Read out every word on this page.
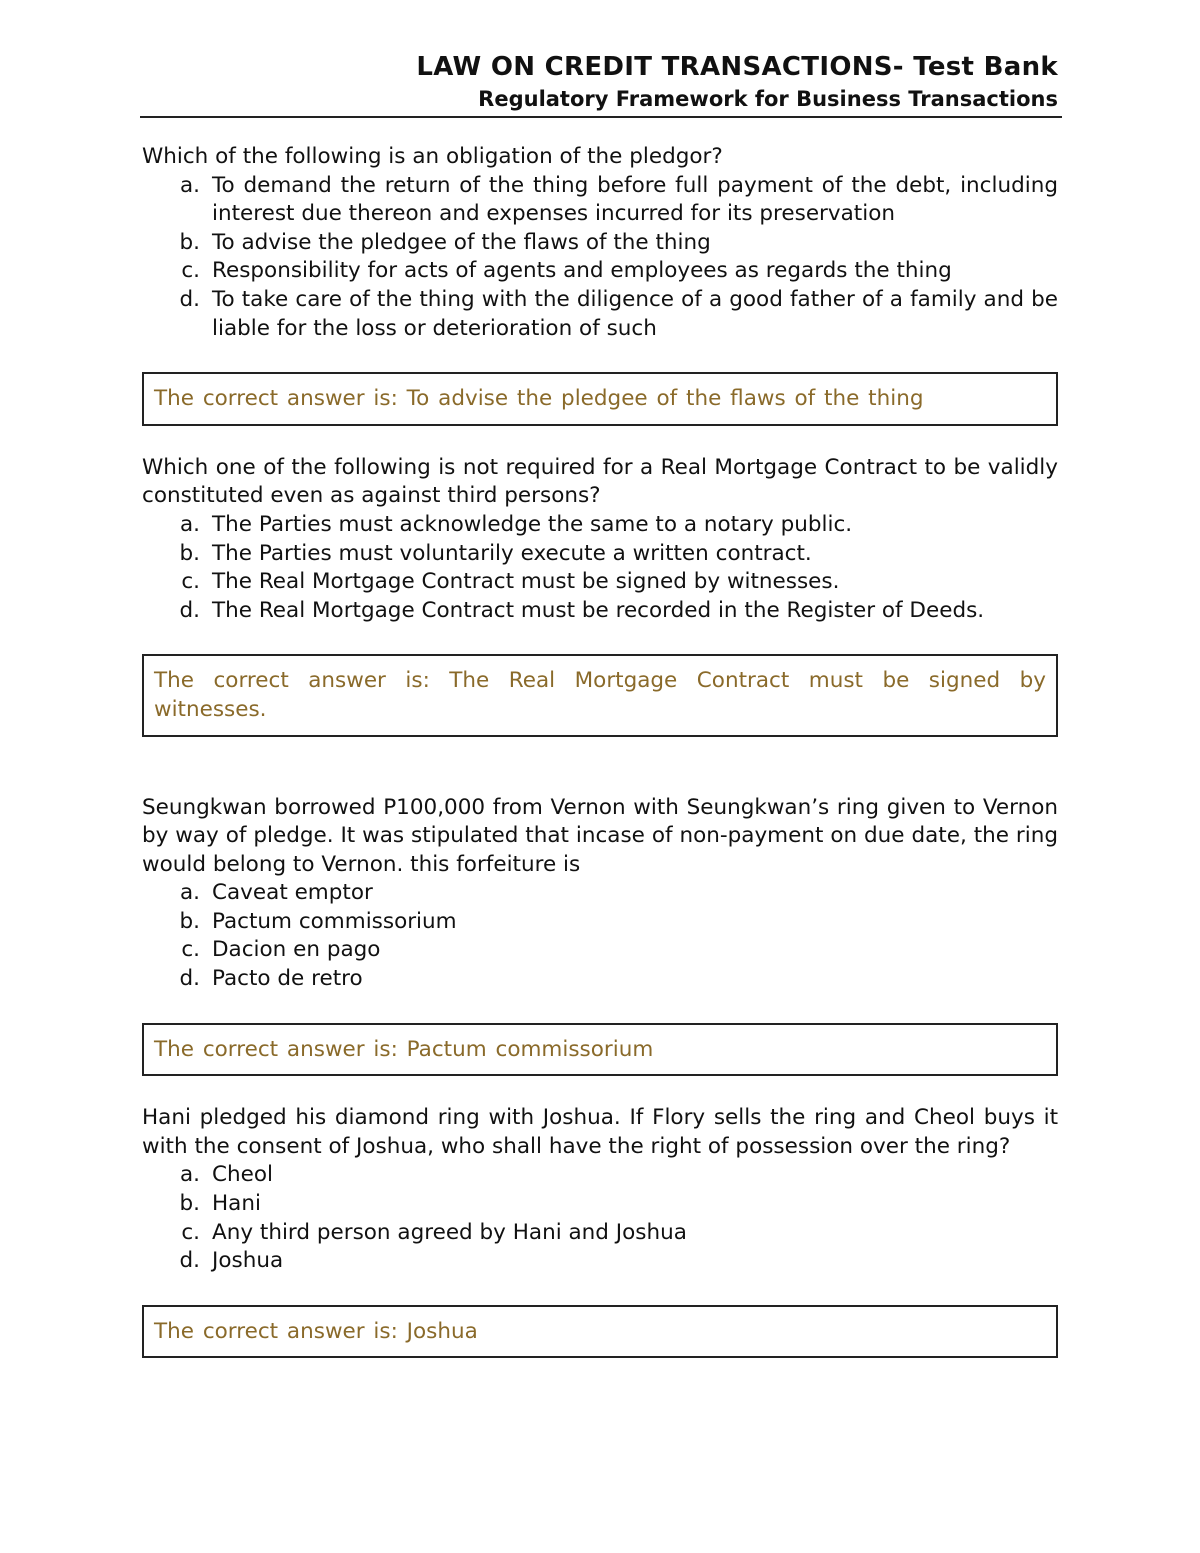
LAW ON CREDIT TRANSACTIONS- Test Bank
Regulatory Framework for Business Transactions

Which of the following is an obligation of the pledgor?

a. To demand the return of the thing before full payment of the debt, including interest due thereon and expenses incurred for its preservation
b. To advise the pledgee of the flaws of the thing
c. Responsibility for acts of agents and employees as regards the thing
d. To take care of the thing with the diligence of a good father of a family and be liable for the loss or deterioration of such
The correct answer is: To advise the pledgee of the flaws of the thing

Which one of the following is not required for a Real Mortgage Contract to be validly constituted even as against third persons?

a. The Parties must acknowledge the same to a notary public.
b. The Parties must voluntarily execute a written contract.
c. The Real Mortgage Contract must be signed by witnesses.
d. The Real Mortgage Contract must be recorded in the Register of Deeds.
The correct answer is: The Real Mortgage Contract must be signed by witnesses.

Seungkwan borrowed P100,000 from Vernon with Seungkwan’s ring given to Vernon by way of pledge. It was stipulated that incase of non-payment on due date, the ring would belong to Vernon. this forfeiture is

a. Caveat emptor
b. Pactum commissorium
c. Dacion en pago
d. Pacto de retro
The correct answer is: Pactum commissorium

Hani pledged his diamond ring with Joshua. If Flory sells the ring and Cheol buys it with the consent of Joshua, who shall have the right of possession over the ring?

a. Cheol
b. Hani
c. Any third person agreed by Hani and Joshua
d. Joshua
The correct answer is: Joshua
